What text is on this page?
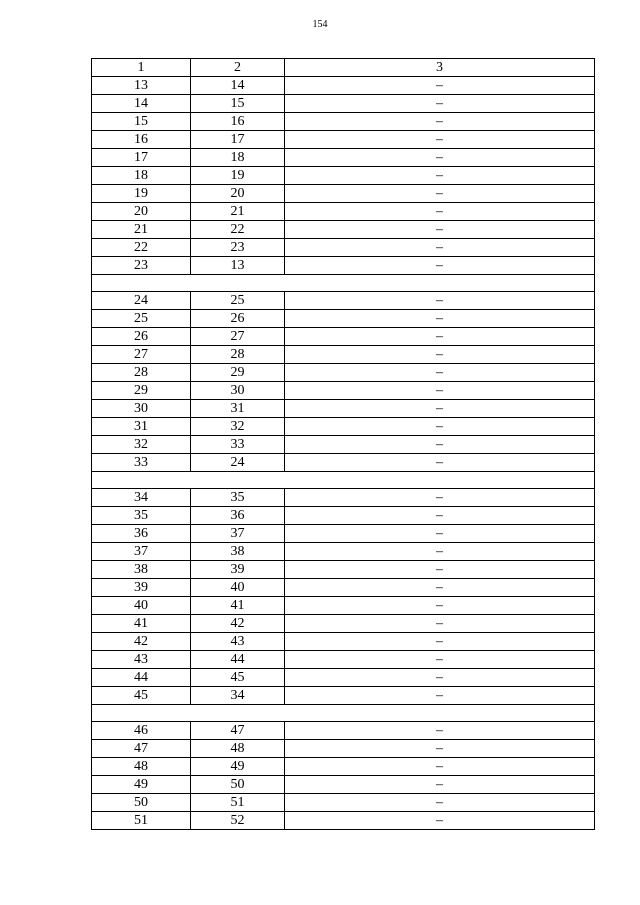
154
1	2	3
13	14	–
14	15	–
15	16	–
16	17	–
17	18	–
18	19	–
19	20	–
20	21	–
21	22	–
22	23	–
23	13	–

24	25	–
25	26	–
26	27	–
27	28	–
28	29	–
29	30	–
30	31	–
31	32	–
32	33	–
33	24	–

34	35	–
35	36	–
36	37	–
37	38	–
38	39	–
39	40	–
40	41	–
41	42	–
42	43	–
43	44	–
44	45	–
45	34	–

46	47	–
47	48	–
48	49	–
49	50	–
50	51	–
51	52	–
